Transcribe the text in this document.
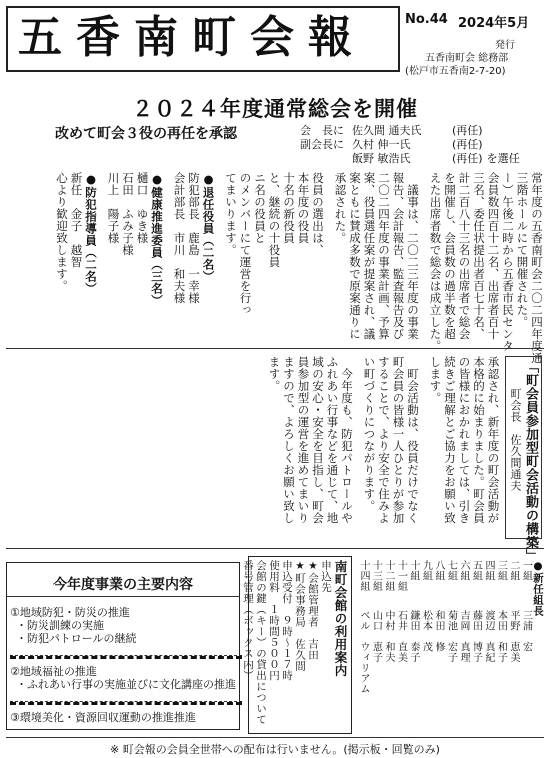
五香南町会報	No.44 2024年5月
発行
五香南町会 総務部
(松戸市五香南2-7-20)
２０２４年度通常総会を開催
改めて町会３役の再任を承認	会　長に 佐久間 通夫氏	(再任)
副会長に 久村 伸一氏	(再任)
飯野 敏浩氏	(再任) を選任
常年度の五香南町会二〇二四年度通
三階ホールにて開催された。
ー）午後二時から五香市民センタ
会員数四百十二名、出席者百十
三名、委任状提出者百七十名、
計二百八十三名の出席者で総会
を開催し、会員数の過半数を超
えた出席者数で総会は成立した。
　議事は、二〇二三年度の事業
報告、会計報告、監査報告及び
二〇二四年度の事業計画、予算
案、役員選任案が提案され、議
案ともに賛成多数で原案通りに
承認された。
役員の選出は、
本年度の役員
十名の新役員
と、継続の十役員
ニ名の役員と
のメンバーにて運営を行っ
てまいります。
●退任役員（二名）
防犯部長　鹿島　一幸様
会計部長　市川　和夫様
●健康推進委員（三名）
樋口　ゆき様
石田　ふみ子様
川上　陽子様
●防犯指導員（二名）
新任　金子　越智
心より歓迎致します。
「町会員参加型町会活動の構築」
町会長　佐久間通夫
承認され、新年度の町会活動が
本格的に始まりました。町会員
の皆様におかれましては、引き
続きご理解とご協力をお願い致
します。
　町会活動は、役員だけでなく
町会員の皆様一人ひとりが参加
することで、より安全で住みよ
い町づくりにつながります。
　今年度も、防犯パトロールや
ふれあい行事などを通じて、地
域の安心・安全を目指し、町会
員参加型の運営を進めてまいり
ますので、よろしくお願い致し
ます。
今年度事業の主要内容
①地域防犯・防災の推進
・防災訓練の実施
・防犯パトロールの継続
②地域福祉の推進
・ふれあい行事の実施並びに文化講座の推進
③環境美化・資源回収運動の推進推進
南町会館の利用案内
申込先
★会館管理者　吉田
★町会事務局　佐久間
申込受付　９時～１７時
使用料　１時間５００円
会館の鍵（キー）の貸出について
番号管理（ボックス内）	●新任組長
一組
三浦　宏
二組
平野　恵美
三組
本田　和子
四組
渡辺　真紀
五組
藤田　博子
六組
吉岡　真理
七組
菊池　宏子
八組
和田　修
九組
松本　茂
十組
鎌田　泰子
十一組
石井　直美
十二組
中村　和夫
十三組
山口　恵子
十四組
ベル　ウィリアム
※ 町会報の会員全世帯への配布は行いません。(掲示板・回覧のみ)
